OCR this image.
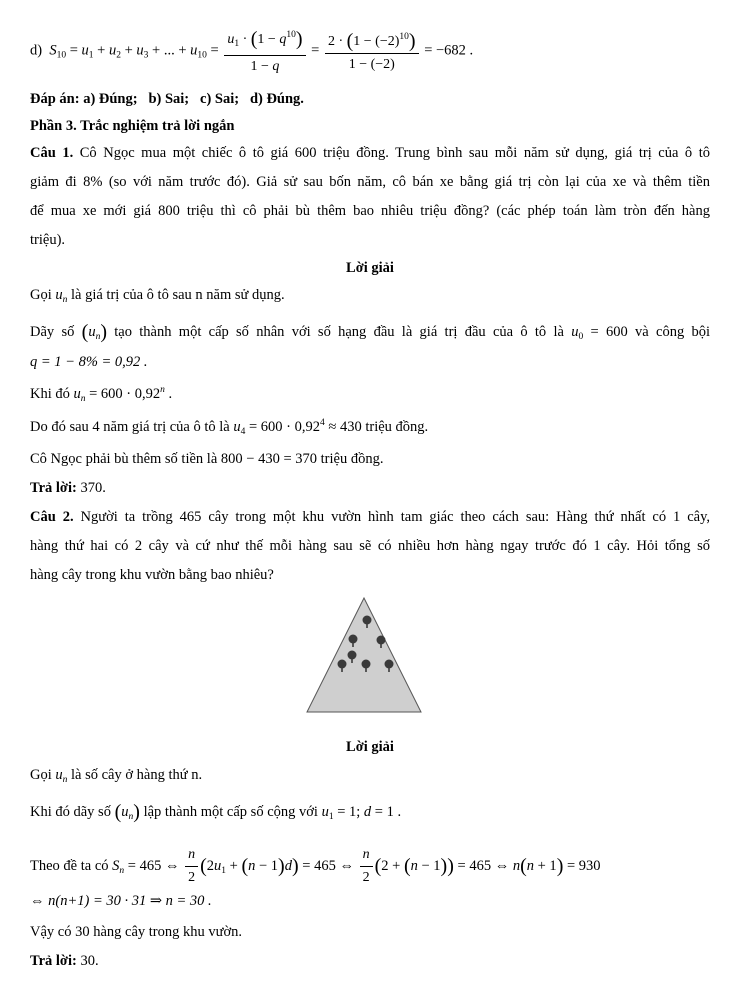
d) $S_{10} = u_1 + u_2 + u_3$ + ... + $u_{10} = \frac{u_1 \cdot (1 - q^{10})}{1 - q} = \frac{2 \cdot (1 - (-2)^{10})}{1 - (-2)} = -682$ .
Đáp án: a) Đúng;   b) Sai;   c) Sai;   d) Đúng.
Phần 3. Trắc nghiệm trả lời ngắn
Câu 1. Cô Ngọc mua một chiếc ô tô giá 600 triệu đồng. Trung bình sau mỗi năm sử dụng, giá trị của ô tô
giảm đi 8% (so với năm trước đó). Giả sử sau bốn năm, cô bán xe bằng giá trị còn lại của xe và thêm tiền
để mua xe mới giá 800 triệu thì cô phải bù thêm bao nhiêu triệu đồng? (các phép toán làm tròn đến hàng
triệu).
Lời giải
Gọi $u_n$ là giá trị của ô tô sau n năm sử dụng.
Dãy số $(u_n)$ tạo thành một cấp số nhân với số hạng đầu là giá trị đầu của ô tô là $u_0 = 600$ và công bội
q = 1 − 8% = 0,92 .
Khi đó $u_n = 600 \cdot 0,92^n$ .
Do đó sau 4 năm giá trị của ô tô là $u_4 = 600 \cdot 0,92^4 \approx 430$ triệu đồng.
Cô Ngọc phải bù thêm số tiền là 800 − 430 = 370 triệu đồng.
Trả lời: 370.
Câu 2. Người ta trồng 465 cây trong một khu vườn hình tam giác theo cách sau: Hàng thứ nhất có 1 cây,
hàng thứ hai có 2 cây và cứ như thế mỗi hàng sau sẽ có nhiều hơn hàng ngay trước đó 1 cây. Hỏi tổng số
hàng cây trong khu vườn bằng bao nhiêu?
Lời giải
Gọi $u_n$ là số cây ở hàng thứ n.
Khi đó dãy số $(u_n)$ lập thành một cấp số cộng với $u_1 = 1$; d = 1 .
Theo đề ta có $S_n = 465$ ⇔ $\frac{n}{2} (2u_1 + (n - 1)d) = 465$ ⇔ $\frac{n}{2} (2 + (n - 1)) = 465$ ⇔ n(n + 1) = 930
⇔ n(n+1) = 30 · 31 ⇒ n = 30 .
Vậy có 30 hàng cây trong khu vườn.
Trả lời: 30.
